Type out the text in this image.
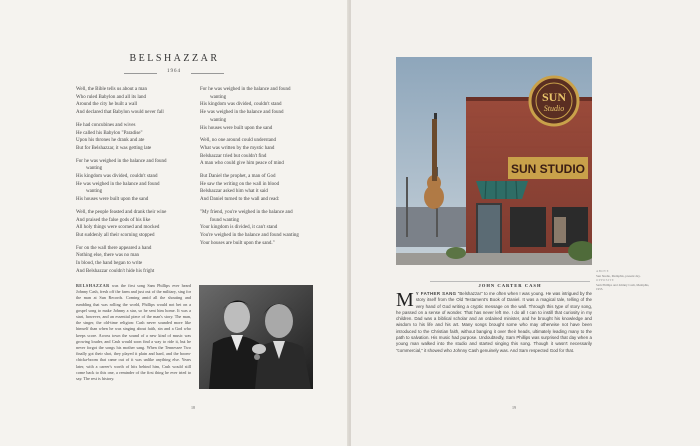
BELSHAZZAR
1964

Well, the Bible tells us about a man

Who ruled Babylon and all its land

Around the city he built a wall

And declared that Babylon would never fall

He had concubines and wives

He called his Babylon "Paradise"

Upon his thrones he drank and ate

But for Belshazzar, it was getting late

For he was weighed in the balance and found

wanting

His kingdom was divided, couldn't stand

He was weighed in the balance and found

wanting

His houses were built upon the sand

Well, the people feasted and drank their wine

And praised the false gods of his like

All holy things were scorned and mocked

But suddenly all their scorning stopped

For on the wall there appeared a hand

Nothing else, there was no man

In blood, the hand began to write

And Belshazzar couldn't hide his fright

For he was weighed in the balance and found

wanting

His kingdom was divided, couldn't stand

He was weighed in the balance and found

wanting

His houses were built upon the sand

Well, no one around could understand

What was written by the mystic hand

Belshazzar tried but couldn't find

A man who could give him peace of mind

But Daniel the prophet, a man of God

He saw the writing on the wall in blood

Belshazzar asked him what it said

And Daniel turned to the wall and read:

"My friend, you're weighed in the balance and

found wanting

Your kingdom is divided, it can't stand

You're weighed in the balance and found wanting

Your houses are built upon the sand."

BELSHAZZAR was the first song Sam Phillips ever heard Johnny Cash, fresh off the farm and just out of the military, sing for the man at Sun Records. Coming amid all the shouting and rumbling that was rolling the world, Phillips would not bet on a gospel song to make Johnny a star, so he sent him home. It was a start, however, and an essential piece of the man's story. The man, the singer, the old-time religion: Cash never sounded more like himself than when he was singing about faith, sin and a God who keeps score. Across town the sound of a new kind of music was growing louder, and Cash would soon find a way to ride it, but he never forgot the songs his mother sang. When the Tennessee Two finally got their shot, they played it plain and hard, and the boom-chicka-boom that came out of it was unlike anything else. Years later, with a career's worth of hits behind him, Cash would still come back to this one, a reminder of the first thing he ever tried to say. The rest is history.
18
SUN STUDIO
SUN
Studio
ABOVE
Sun Studio, Memphis, present day.
OPPOSITE
Sam Phillips and Johnny Cash, Memphis, 1955.
JOHN CARTER CASH
M Y FATHER SANG "Belshazzar" to me often when I was young. He was intrigued by the story itself from the Old Testament's Book of Daniel. It was a magical tale, telling of the very hand of God writing a cryptic message on the wall. Through this type of story song, he passed on a sense of wonder. That has never left me. I do all I can to instill that curiosity in my children. Dad was a biblical scholar and an ordained minister, and he brought his knowledge and wisdom to his life and his art. Many songs brought some who may otherwise not have been introduced to the Christian faith, without banging it over their heads, ultimately leading many to the path to salvation. His music had purpose. Undoubtedly, Sam Phillips was surprised that day when a young man walked into the studio and started singing this song. Though it wasn't necessarily "commercial," it showed who Johnny Cash genuinely was. And Sam respected God for that.
19
